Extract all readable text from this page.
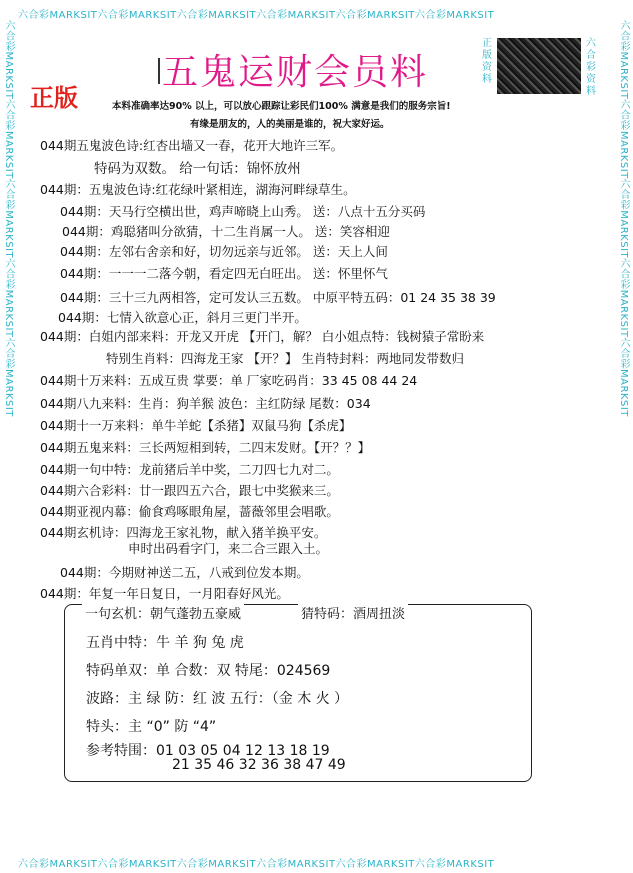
六合彩MARKSIT六合彩MARKSIT六合彩MARKSIT六合彩MARKSIT六合彩MARKSIT六合彩MARKSIT
六合彩MARKSIT六合彩MARKSIT六合彩MARKSIT六合彩MARKSIT六合彩MARKSIT六合彩MARKSIT
六合彩MARKSIT六合彩MARKSIT六合彩MARKSIT六合彩MARKSIT六合彩MARKSIT	六合彩MARKSIT六合彩MARKSIT六合彩MARKSIT六合彩MARKSIT六合彩MARKSIT
五鬼运财会员料
正版
正版资料
六合彩资料
本料准确率达90% 以上，可以放心跟踪让彩民们100% 满意是我们的服务宗旨!
有缘是朋友的，人的美丽是谁的，祝大家好运。
044期五鬼波色诗:红杏出墙又一春，花开大地许三军。
特码为双数。 给一句话：锦怀放州
044期：五鬼波色诗:红花绿叶紧相连，湖海河畔绿草生。
044期：天马行空横出世，鸡声啼晓上山秀。 送：八点十五分买码
044期：鸡聪猪叫分欲猜，十二生肖属一人。 送：笑容相迎
044期：左邻右舍亲和好，切勿远亲与近邻。 送：天上人间
044期：一一一二落今朝，看定四无白旺出。 送：怀里怀气
044期：三十三九两相答，定可发认三五数。 中原平特五码：01 24 35 38 39
044期：七情入欲意心正，斜月三更门半开。
044期：白姐内部来料：开龙又开虎 【开门，解？ 白小姐点特：钱树猿子常盼来
特别生肖料：四海龙王家 【开？】 生肖特封料：两地同发带数归
044期十万来料：五成互贵 掌要：单 厂家吃码肖：33 45 08 44 24
044期八九来料：生肖：狗羊猴 波色：主红防绿 尾数：034
044期十一万来料：单牛羊蛇【杀猪】双鼠马狗【杀虎】
044期五鬼来料：三长两短相到转，二四末发财。【开？？】
044期一句中特：龙前猪后羊中奖，二刀四七九对二。
044期六合彩料：廿一跟四五六合，跟七中奖猴来三。
044期亚视内幕：偷食鸡啄眼角屋，蔷薇邻里会唱歌。
044期玄机诗：四海龙王家礼物，献入猪羊换平安。
申时出码看字门，来二合三跟入土。
044期：今期财神送二五，八戒到位发本期。
044期：年复一年日复日，一月阳春好风光。
一句玄机：朝气蓬勃五豪威	猜特码：酒周扭淡
五肖中特：牛 羊 狗 兔 虎
特码单双：单 合数：双 特尾：024569
波路：主 绿 防：红 波 五行：（金 木 火 ）
特头：主 “0” 防 “4”
参考特围：01 03 05 04 12 13 18 19
21 35 46 32 36 38 47 49
